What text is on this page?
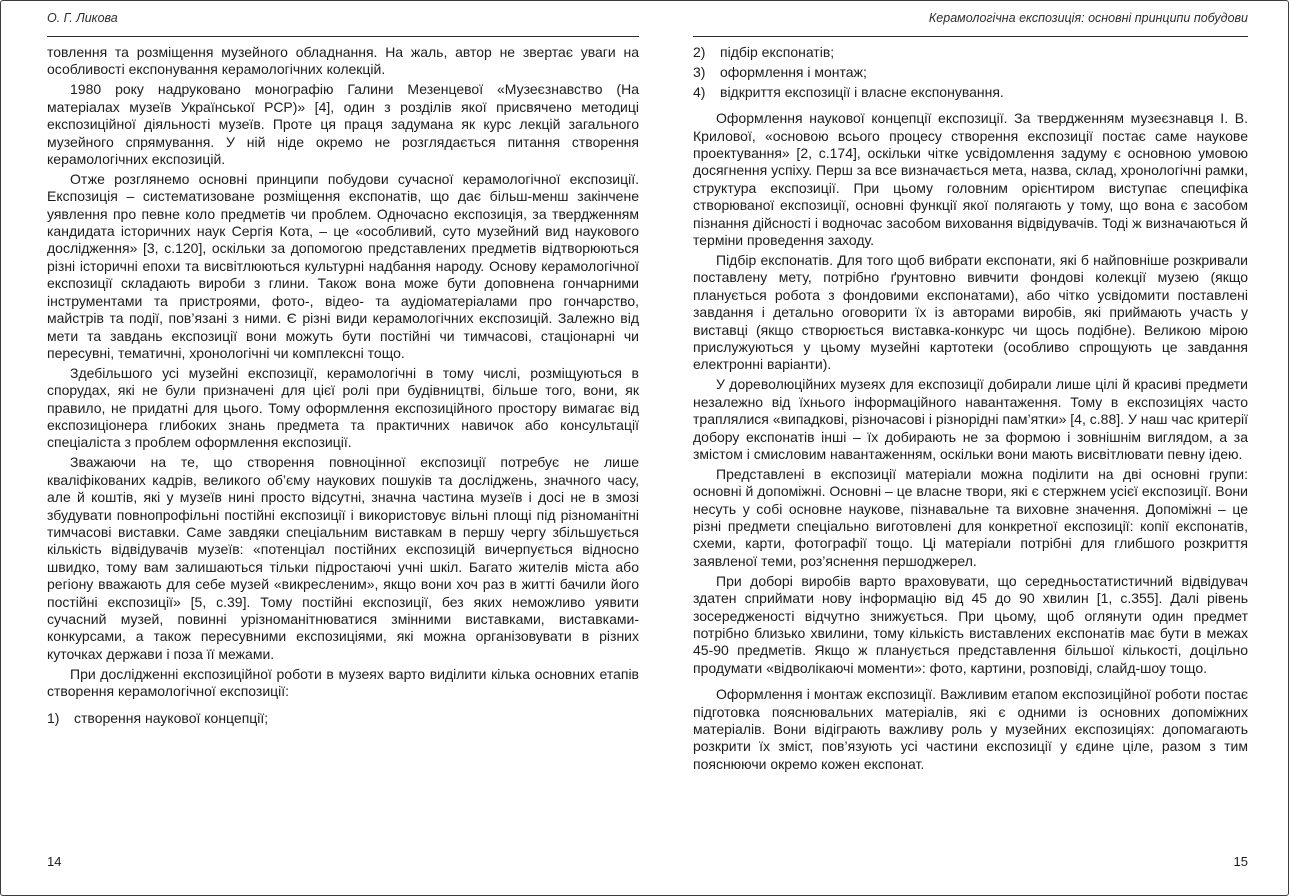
О. Г. Ликова

товлення та розміщення музейного обладнання. На жаль, автор не звертає уваги на особливості експонування керамологічних колекцій.

1980 року надруковано монографію Галини Мезенцевої «Музеєзнавство (На матеріалах музеїв Української РСР)» [4], один з розділів якої присвячено методиці експозиційної діяльності музеїв. Проте ця праця задумана як курс лекцій загального музейного спрямування. У ній ніде окремо не розглядається питання створення керамологічних експозицій.

Отже розглянемо основні принципи побудови сучасної керамологічної експозиції. Експозиція – систематизоване розміщення експонатів, що дає більш-менш закінчене уявлення про певне коло предметів чи проблем. Одночасно експозиція, за твердженням кандидата історичних наук Сергія Кота, – це «особливий, суто музейний вид наукового дослідження» [3, с.120], оскільки за допомогою представлених предметів відтворюються різні історичні епохи та висвітлюються культурні надбання народу. Основу керамологічної експозиції складають вироби з глини. Також вона може бути доповнена гончарними інструментами та пристроями, фото-, відео- та аудіоматеріалами про гончарство, майстрів та події, пов’язані з ними. Є різні види керамологічних експозицій. Залежно від мети та завдань експозиції вони можуть бути постійні чи тимчасові, стаціонарні чи пересувні, тематичні, хронологічні чи комплексні тощо.

Здебільшого усі музейні експозиції, керамологічні в тому числі, розміщуються в спорудах, які не були призначені для цієї ролі при будівництві, більше того, вони, як правило, не придатні для цього. Тому оформлення експозиційного простору вимагає від експозиціонера глибоких знань предмета та практичних навичок або консультації спеціаліста з проблем оформлення експозиції.

Зважаючи на те, що створення повноцінної експозиції потребує не лише кваліфікованих кадрів, великого об’єму наукових пошуків та досліджень, значного часу, але й коштів, які у музеїв нині просто відсутні, значна частина музеїв і досі не в змозі збудувати повнопрофільні постійні експозиції і використовує вільні площі під різноманітні тимчасові виставки. Саме завдяки спеціальним виставкам в першу чергу збільшується кількість відвідувачів музеїв: «потенціал постійних експозицій вичерпується відносно швидко, тому вам залишаються тільки підростаючі учні шкіл. Багато жителів міста або регіону вважають для себе музей «викресленим», якщо вони хоч раз в житті бачили його постійні експозиції» [5, с.39]. Тому постійні експозиції, без яких неможливо уявити сучасний музей, повинні урізноманітнюватися змінними виставками, виставками-конкурсами, а також пересувними експозиціями, які можна організовувати в різних куточках держави і поза її межами.

При дослідженні експозиційної роботи в музеях варто виділити кілька основних етапів створення керамологічної експозиції:

1)	створення наукової концепції;
14
Керамологічна експозиція: основні принципи побудови
2)	підбір експонатів;
3)	оформлення і монтаж;
4)	відкриття експозиції і власне експонування.

Оформлення наукової концепції експозиції. За твердженням музеєзнавця І. В. Крилової, «основою всього процесу створення експозиції постає саме наукове проектування» [2, с.174], оскільки чітке усвідомлення задуму є основною умовою досягнення успіху. Перш за все визначається мета, назва, склад, хронологічні рамки, структура експозиції. При цьому головним орієнтиром виступає специфіка створюваної експозиції, основні функції якої полягають у тому, що вона є засобом пізнання дійсності і водночас засобом виховання відвідувачів. Тоді ж визначаються й терміни проведення заходу.

Підбір експонатів. Для того щоб вибрати експонати, які б найповніше розкривали поставлену мету, потрібно ґрунтовно вивчити фондові колекції музею (якщо планується робота з фондовими експонатами), або чітко усвідомити поставлені завдання і детально оговорити їх із авторами виробів, які приймають участь у виставці (якщо створюється виставка-конкурс чи щось подібне). Великою мірою прислужуються у цьому музейні картотеки (особливо спрощують це завдання електронні варіанти).

У дореволюційних музеях для експозиції добирали лише цілі й красиві предмети незалежно від їхнього інформаційного навантаження. Тому в експозиціях часто траплялися «випадкові, різночасові і різнорідні пам’ятки» [4, с.88]. У наш час критерії добору експонатів інші – їх добирають не за формою і зовнішнім виглядом, а за змістом і смисловим навантаженням, оскільки вони мають висвітлювати певну ідею.

Представлені в експозиції матеріали можна поділити на дві основні групи: основні й допоміжні. Основні – це власне твори, які є стержнем усієї експозиції. Вони несуть у собі основне наукове, пізнавальне та виховне значення. Допоміжні – це різні предмети спеціально виготовлені для конкретної експозиції: копії експонатів, схеми, карти, фотографії тощо. Ці матеріали потрібні для глибшого розкриття заявленої теми, роз’яснення першоджерел.

При доборі виробів варто враховувати, що середньостатистичний відвідувач здатен сприймати нову інформацію від 45 до 90 хвилин [1, с.355]. Далі рівень зосередженості відчутно знижується. При цьому, щоб оглянути один предмет потрібно близько хвилини, тому кількість виставлених експонатів має бути в межах 45-90 предметів. Якщо ж планується представлення більшої кількості, доцільно продумати «відволікаючі моменти»: фото, картини, розповіді, слайд-шоу тощо.

Оформлення і монтаж експозиції. Важливим етапом експозиційної роботи постає підготовка пояснювальних матеріалів, які є одними із основних допоміжних матеріалів. Вони відіграють важливу роль у музейних експозиціях: допомагають розкрити їх зміст, пов’язують усі частини експозиції у єдине ціле, разом з тим пояснюючи окремо кожен експонат.

15
